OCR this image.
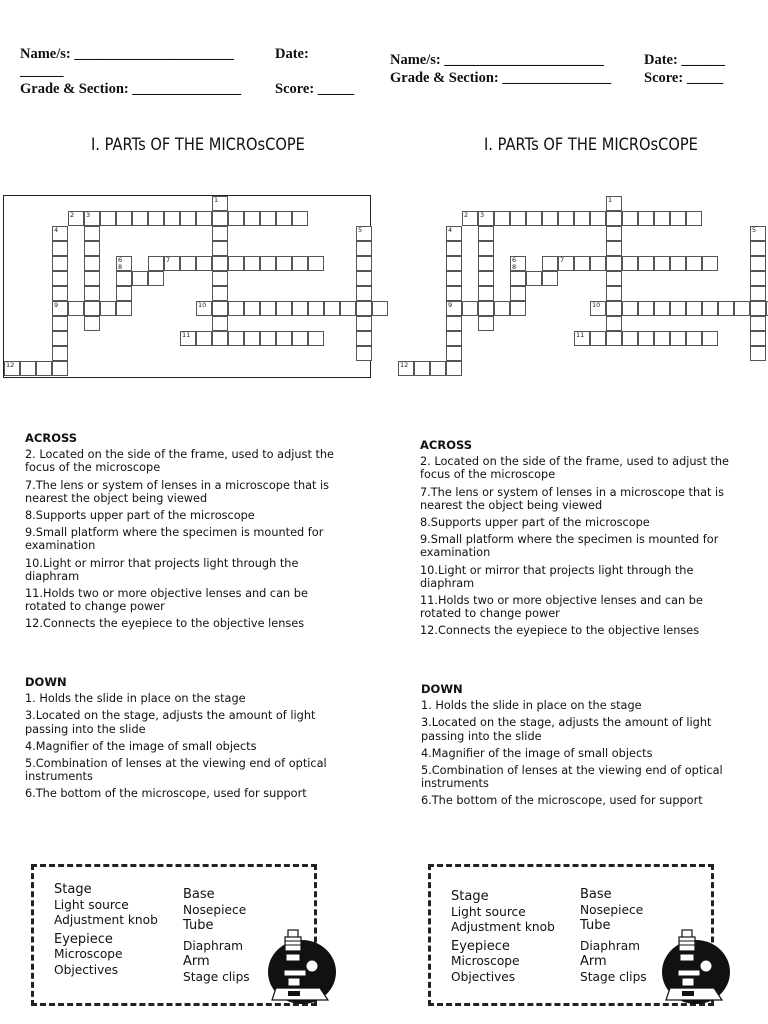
Name/s: ______________________	Date:
______
Grade & Section: _______________ Score: _____
I. PARTs OF THE MICROsCOPE
1
2 3
4	5
6	7
8
9	10
11
12
ACROSS
2. Located on the side of the frame, used to adjust the focus of the microscope
7.The lens or system of lenses in a microscope that is nearest the object being viewed
8.Supports upper part of the microscope
9.Small platform where the specimen is mounted for examination
10.Light or mirror that projects light through the diaphram
11.Holds two or more objective lenses and can be rotated to change power
12.Connects the eyepiece to the objective lenses
DOWN
1. Holds the slide in place on the stage
3.Located on the stage, adjusts the amount of light passing into the slide
4.Magnifier of the image of small objects
5.Combination of lenses at the viewing end of optical instruments
6.The bottom of the microscope, used for support
Stage
Light source
Adjustment knob
Eyepiece
Microscope
Objectives
Base
Nosepiece
Tube
Diaphram
Arm
Stage clips
Name/s: ______________________	Date: ______
Grade & Section: _______________ Score: _____
I. PARTs OF THE MICROsCOPE
1
2 3
4	5
6	7
8
9	10
11
12
ACROSS
2. Located on the side of the frame, used to adjust the focus of the microscope
7.The lens or system of lenses in a microscope that is nearest the object being viewed
8.Supports upper part of the microscope
9.Small platform where the specimen is mounted for examination
10.Light or mirror that projects light through the diaphram
11.Holds two or more objective lenses and can be rotated to change power
12.Connects the eyepiece to the objective lenses
DOWN
1. Holds the slide in place on the stage
3.Located on the stage, adjusts the amount of light passing into the slide
4.Magnifier of the image of small objects
5.Combination of lenses at the viewing end of optical instruments
6.The bottom of the microscope, used for support
Stage
Light source
Adjustment knob
Eyepiece
Microscope
Objectives
Base
Nosepiece
Tube
Diaphram
Arm
Stage clips
